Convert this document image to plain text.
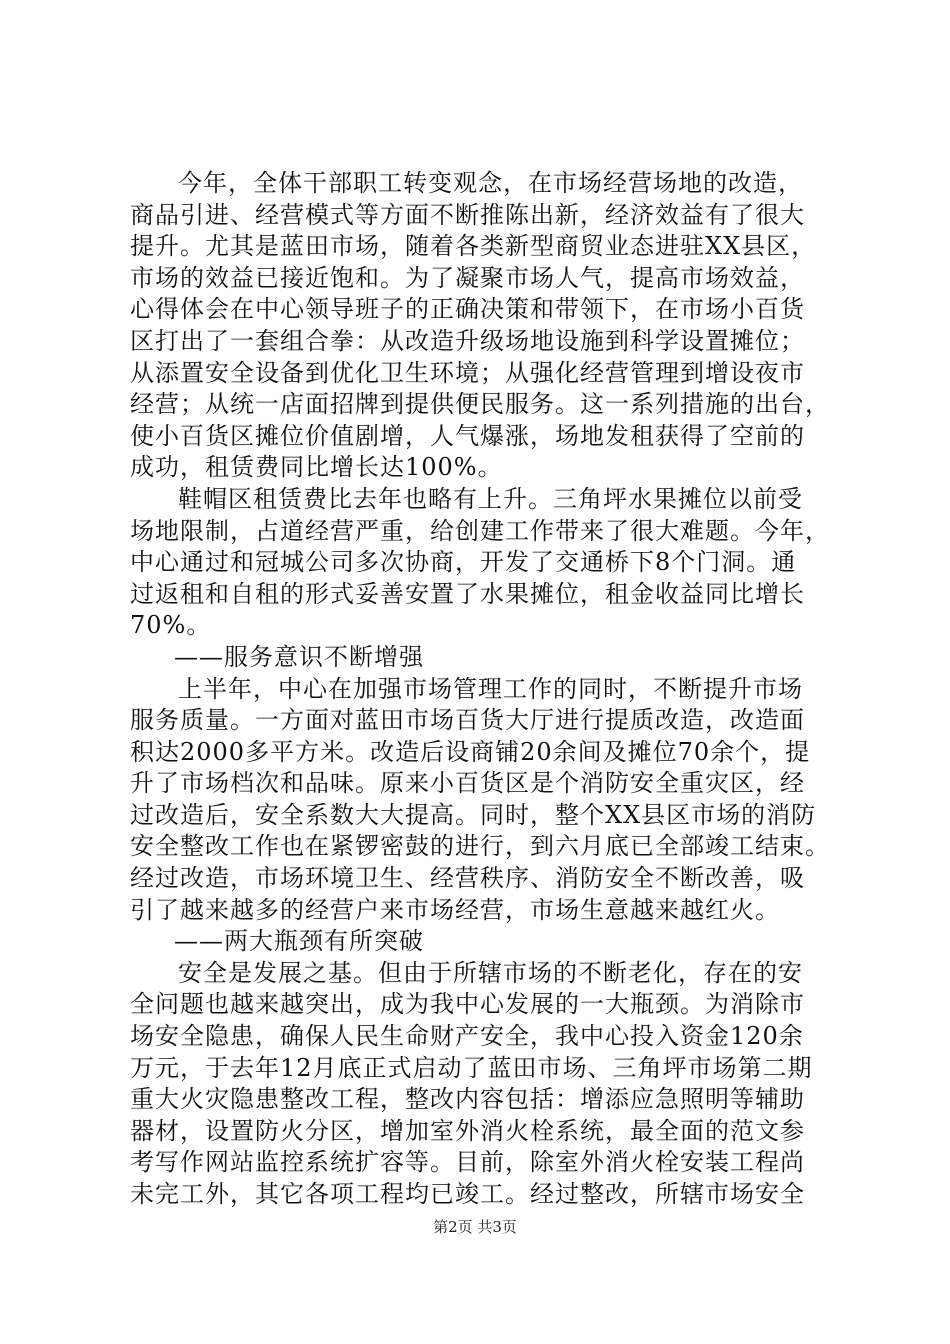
今年，全体干部职工转变观念，在市场经营场地的改造，
商品引进、经营模式等方面不断推陈出新，经济效益有了很大
提升。尤其是蓝田市场，随着各类新型商贸业态进驻XX县区，
市场的效益已接近饱和。为了凝聚市场人气，提高市场效益，
心得体会在中心领导班子的正确决策和带领下，在市场小百货
区打出了一套组合拳：从改造升级场地设施到科学设置摊位；
从添置安全设备到优化卫生环境；从强化经营管理到增设夜市
经营；从统一店面招牌到提供便民服务。这一系列措施的出台，
使小百货区摊位价值剧增，人气爆涨，场地发租获得了空前的
成功，租赁费同比增长达100%。
鞋帽区租赁费比去年也略有上升。三角坪水果摊位以前受
场地限制，占道经营严重，给创建工作带来了很大难题。今年，
中心通过和冠城公司多次协商，开发了交通桥下8个门洞。通
过返租和自租的形式妥善安置了水果摊位，租金收益同比增长
70%。
——服务意识不断增强
上半年，中心在加强市场管理工作的同时，不断提升市场
服务质量。一方面对蓝田市场百货大厅进行提质改造，改造面
积达2000多平方米。改造后设商铺20余间及摊位70余个，提
升了市场档次和品味。原来小百货区是个消防安全重灾区，经
过改造后，安全系数大大提高。同时，整个XX县区市场的消防
安全整改工作也在紧锣密鼓的进行，到六月底已全部竣工结束。
经过改造，市场环境卫生、经营秩序、消防安全不断改善，吸
引了越来越多的经营户来市场经营，市场生意越来越红火。
——两大瓶颈有所突破
安全是发展之基。但由于所辖市场的不断老化，存在的安
全问题也越来越突出，成为我中心发展的一大瓶颈。为消除市
场安全隐患，确保人民生命财产安全，我中心投入资金120余
万元，于去年12月底正式启动了蓝田市场、三角坪市场第二期
重大火灾隐患整改工程，整改内容包括：增添应急照明等辅助
器材，设置防火分区，增加室外消火栓系统，最全面的范文参
考写作网站监控系统扩容等。目前，除室外消火栓安装工程尚
未完工外，其它各项工程均已竣工。经过整改，所辖市场安全
第2页 共3页
